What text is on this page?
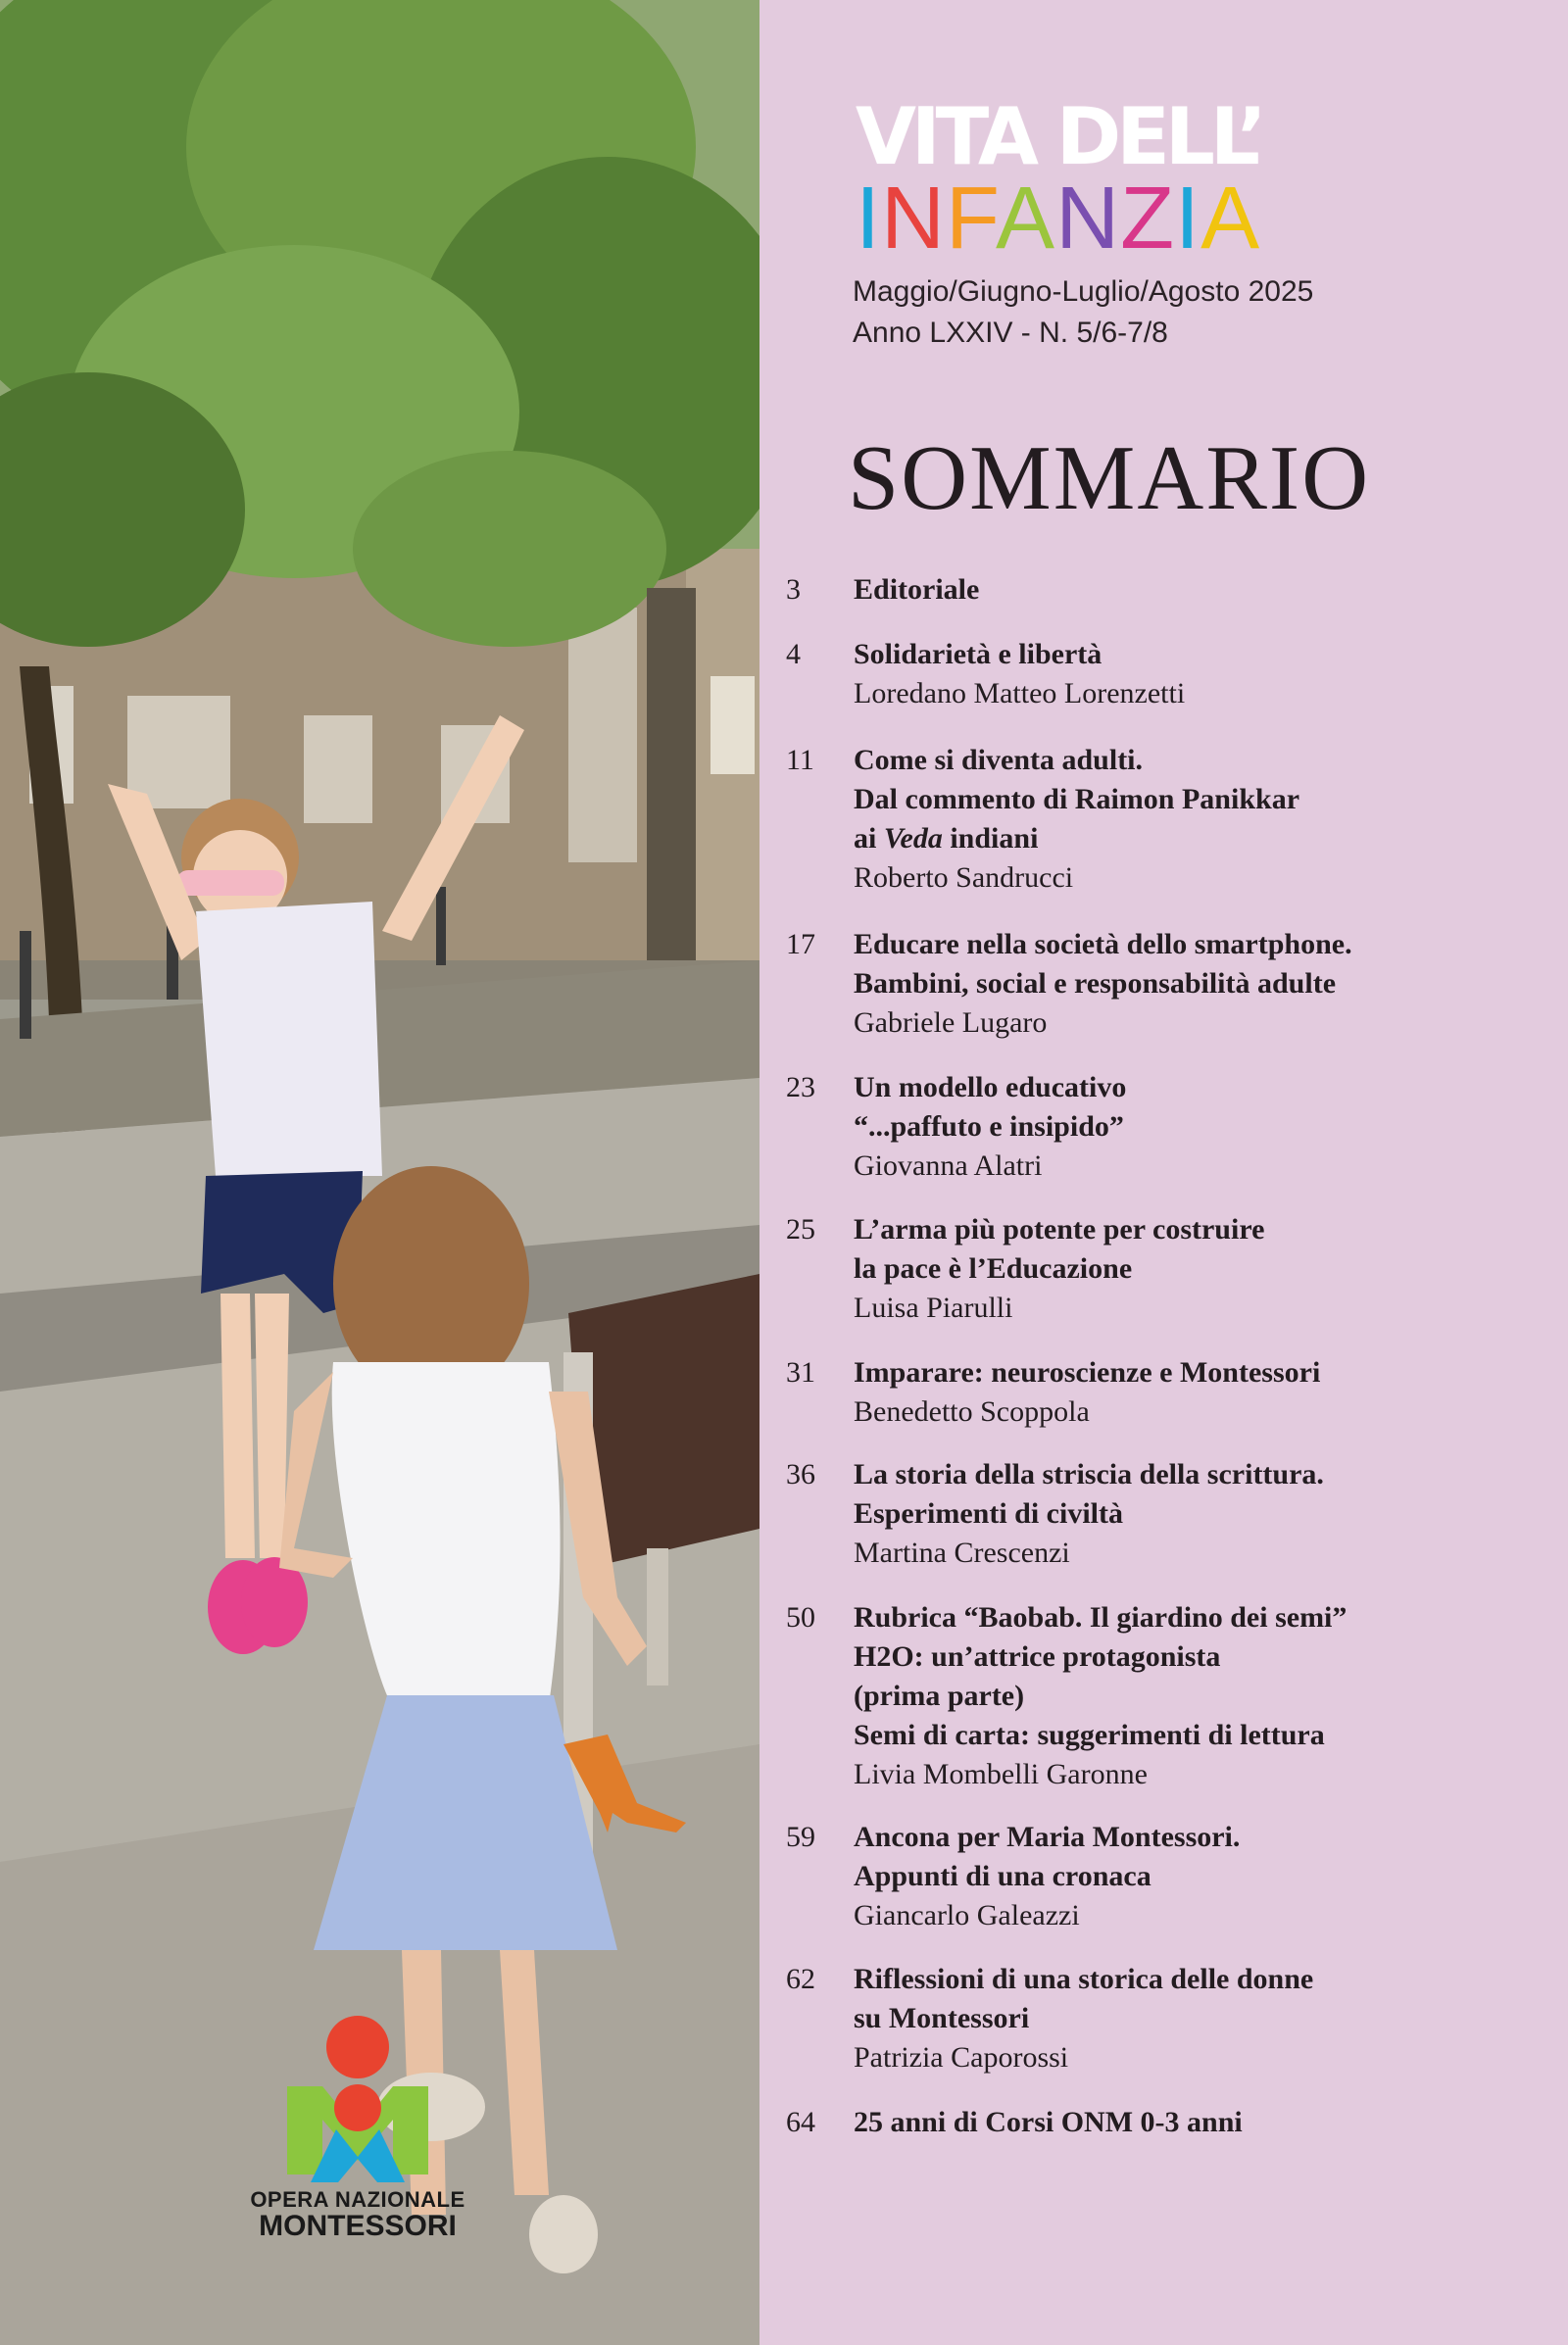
OPERA NAZIONALE
MONTESSORI
VITA DELL’
INFANZIA
Maggio/Giugno-Luglio/Agosto 2025
Anno LXXIV - N. 5/6-7/8
SOMMARIO
3 Editoriale
4 Solidarietà e libertà
Loredano Matteo Lorenzetti
11 Come si diventa adulti.
Dal commento di Raimon Panikkar
ai Veda indiani
Roberto Sandrucci
17 Educare nella società dello smartphone.
Bambini, social e responsabilità adulte
Gabriele Lugaro
23 Un modello educativo
“...paffuto e insipido”
Giovanna Alatri
25 L’arma più potente per costruire
la pace è l’Educazione
Luisa Piarulli
31 Imparare: neuroscienze e Montessori
Benedetto Scoppola
36 La storia della striscia della scrittura.
Esperimenti di civiltà
Martina Crescenzi
50 Rubrica “Baobab. Il giardino dei semi”
H2O: un’attrice protagonista
(prima parte)
Semi di carta: suggerimenti di lettura
Livia Mombelli Garonne
59 Ancona per Maria Montessori.
Appunti di una cronaca
Giancarlo Galeazzi
62 Riflessioni di una storica delle donne
su Montessori
Patrizia Caporossi
64 25 anni di Corsi ONM 0-3 anni
